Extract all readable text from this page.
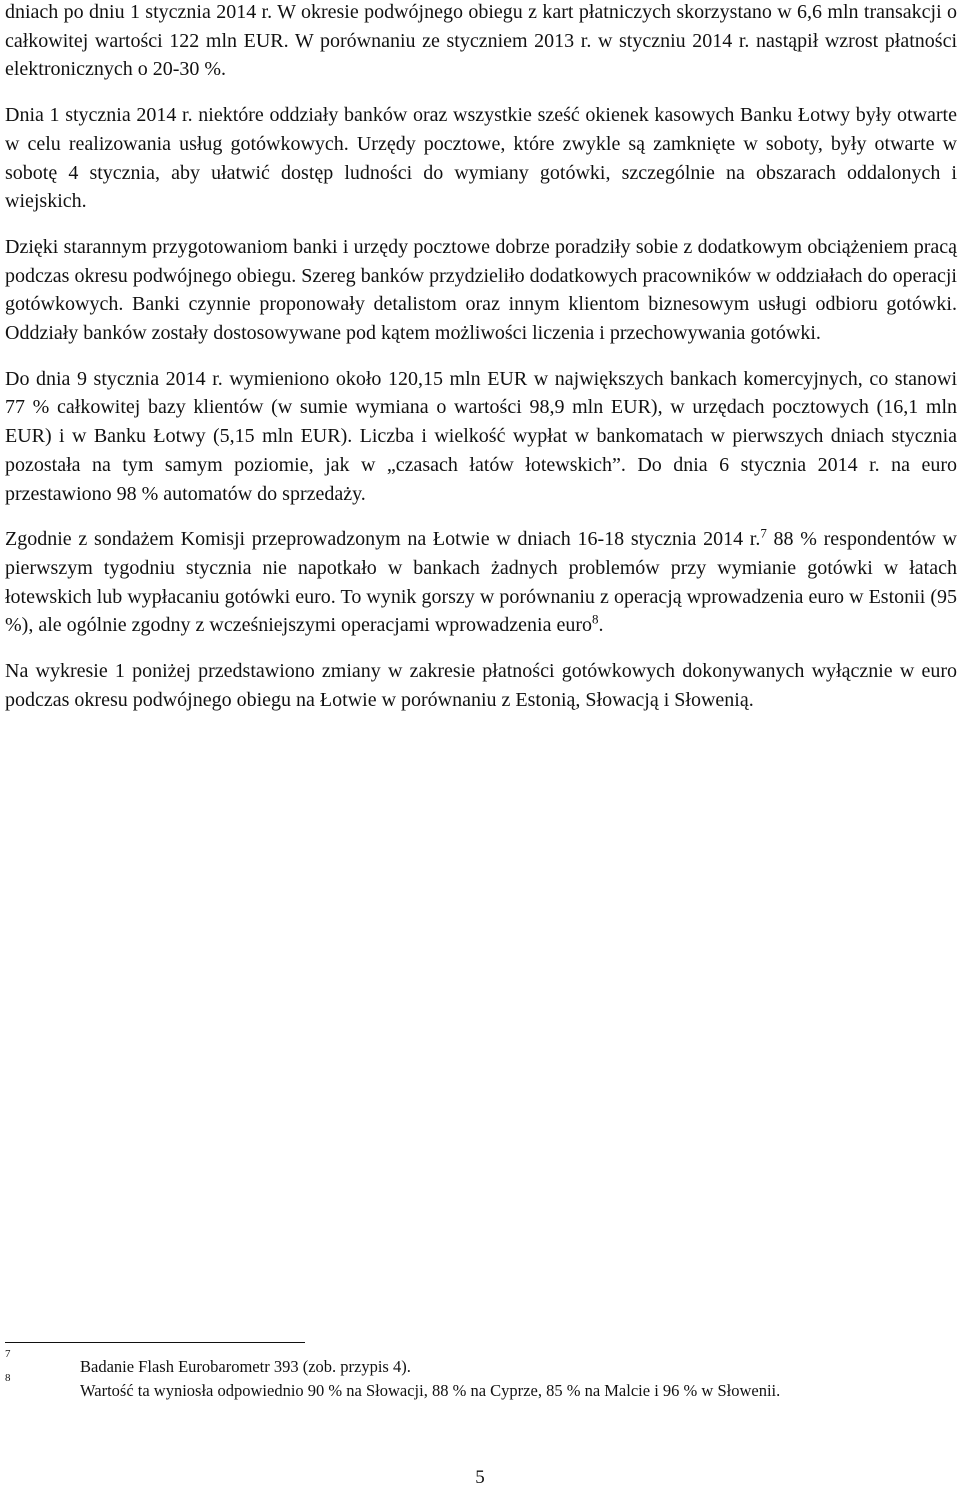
dniach po dniu 1 stycznia 2014 r. W okresie podwójnego obiegu z kart płatniczych skorzystano w 6,6 mln transakcji o całkowitej wartości 122 mln EUR. W porównaniu ze styczniem 2013 r. w styczniu 2014 r. nastąpił wzrost płatności elektronicznych o 20-30 %.

Dnia 1 stycznia 2014 r. niektóre oddziały banków oraz wszystkie sześć okienek kasowych Banku Łotwy były otwarte w celu realizowania usług gotówkowych. Urzędy pocztowe, które zwykle są zamknięte w soboty, były otwarte w sobotę 4 stycznia, aby ułatwić dostęp ludności do wymiany gotówki, szczególnie na obszarach oddalonych i wiejskich.

Dzięki starannym przygotowaniom banki i urzędy pocztowe dobrze poradziły sobie z dodatkowym obciążeniem pracą podczas okresu podwójnego obiegu. Szereg banków przydzieliło dodatkowych pracowników w oddziałach do operacji gotówkowych. Banki czynnie proponowały detalistom oraz innym klientom biznesowym usługi odbioru gotówki. Oddziały banków zostały dostosowywane pod kątem możliwości liczenia i przechowywania gotówki.

Do dnia 9 stycznia 2014 r. wymieniono około 120,15 mln EUR w największych bankach komercyjnych, co stanowi 77 % całkowitej bazy klientów (w sumie wymiana o wartości 98,9 mln EUR), w urzędach pocztowych (16,1 mln EUR) i w Banku Łotwy (5,15 mln EUR). Liczba i wielkość wypłat w bankomatach w pierwszych dniach stycznia pozostała na tym samym poziomie, jak w „czasach łatów łotewskich”. Do dnia 6 stycznia 2014 r. na euro przestawiono 98 % automatów do sprzedaży.

Zgodnie z sondażem Komisji przeprowadzonym na Łotwie w dniach 16-18 stycznia 2014 r.$^7$ 88 % respondentów w pierwszym tygodniu stycznia nie napotkało w bankach żadnych problemów przy wymianie gotówki w łatach łotewskich lub wypłacaniu gotówki euro. To wynik gorszy w porównaniu z operacją wprowadzenia euro w Estonii (95 %), ale ogólnie zgodny z wcześniejszymi operacjami wprowadzenia euro$^8$.

Na wykresie 1 poniżej przedstawiono zmiany w zakresie płatności gotówkowych dokonywanych wyłącznie w euro podczas okresu podwójnego obiegu na Łotwie w porównaniu z Estonią, Słowacją i Słowenią.

7
Badanie Flash Eurobarometr 393 (zob. przypis 4).
8
Wartość ta wyniosła odpowiednio 90 % na Słowacji, 88 % na Cyprze, 85 % na Malcie i 96 % w Słowenii.
5
